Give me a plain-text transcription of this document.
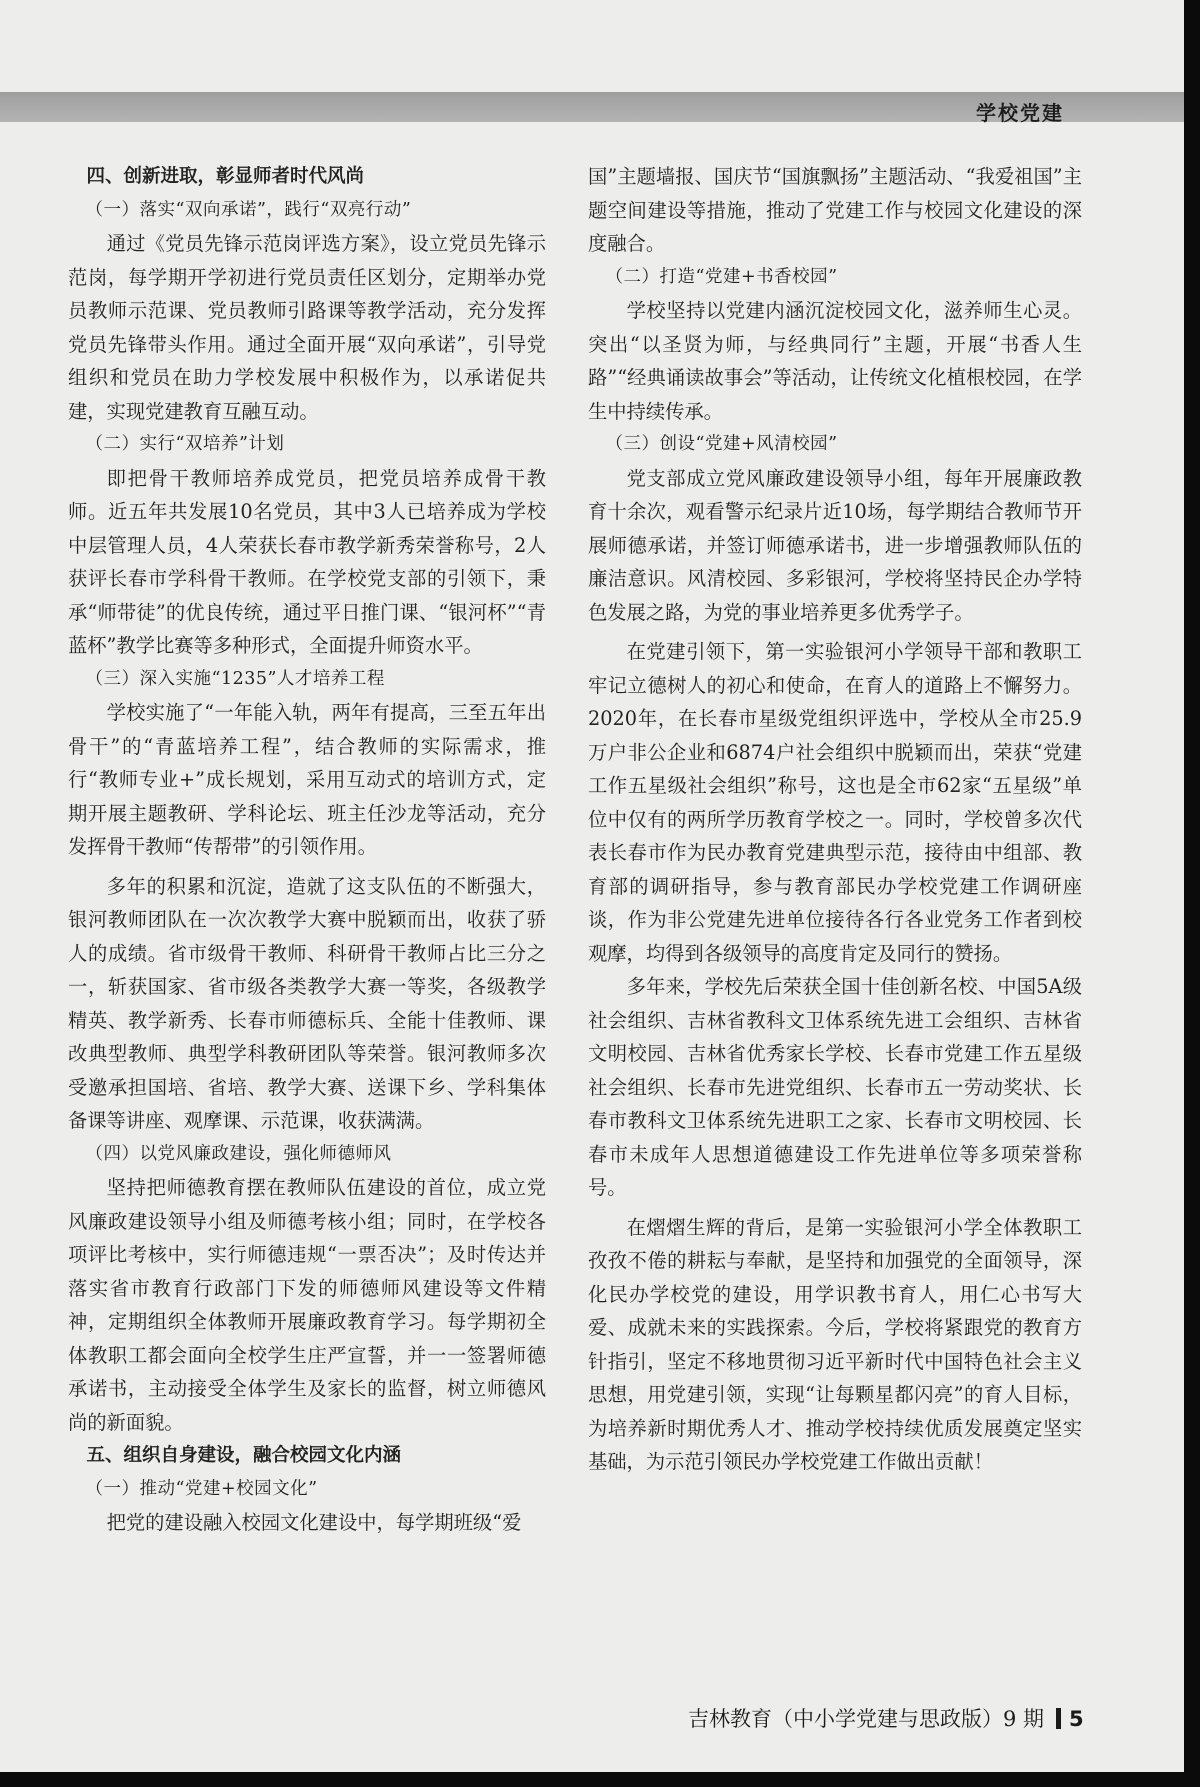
学校党建

四、创新进取，彰显师者时代风尚

（一）落实“双向承诺”，践行“双亮行动”

通过《党员先锋示范岗评选方案》，设立党员先锋示范岗，每学期开学初进行党员责任区划分，定期举办党员教师示范课、党员教师引路课等教学活动，充分发挥党员先锋带头作用。通过全面开展“双向承诺”，引导党组织和党员在助力学校发展中积极作为，以承诺促共建，实现党建教育互融互动。

（二）实行“双培养”计划

即把骨干教师培养成党员，把党员培养成骨干教师。近五年共发展10名党员，其中3人已培养成为学校中层管理人员，4人荣获长春市教学新秀荣誉称号，2人获评长春市学科骨干教师。在学校党支部的引领下，秉承“师带徒”的优良传统，通过平日推门课、“银河杯”“青蓝杯”教学比赛等多种形式，全面提升师资水平。

（三）深入实施“1235”人才培养工程

学校实施了“一年能入轨，两年有提高，三至五年出骨干”的“青蓝培养工程”，结合教师的实际需求，推行“教师专业+”成长规划，采用互动式的培训方式，定期开展主题教研、学科论坛、班主任沙龙等活动，充分发挥骨干教师“传帮带”的引领作用。

多年的积累和沉淀，造就了这支队伍的不断强大，银河教师团队在一次次教学大赛中脱颖而出，收获了骄人的成绩。省市级骨干教师、科研骨干教师占比三分之一，斩获国家、省市级各类教学大赛一等奖，各级教学精英、教学新秀、长春市师德标兵、全能十佳教师、课改典型教师、典型学科教研团队等荣誉。银河教师多次受邀承担国培、省培、教学大赛、送课下乡、学科集体备课等讲座、观摩课、示范课，收获满满。

（四）以党风廉政建设，强化师德师风

坚持把师德教育摆在教师队伍建设的首位，成立党风廉政建设领导小组及师德考核小组；同时，在学校各项评比考核中，实行师德违规“一票否决”；及时传达并落实省市教育行政部门下发的师德师风建设等文件精神，定期组织全体教师开展廉政教育学习。每学期初全体教职工都会面向全校学生庄严宣誓，并一一签署师德承诺书，主动接受全体学生及家长的监督，树立师德风尚的新面貌。

五、组织自身建设，融合校园文化内涵

（一）推动“党建+校园文化”

把党的建设融入校园文化建设中，每学期班级“爱

国”主题墙报、国庆节“国旗飘扬”主题活动、“我爱祖国”主题空间建设等措施，推动了党建工作与校园文化建设的深度融合。

（二）打造“党建+书香校园”

学校坚持以党建内涵沉淀校园文化，滋养师生心灵。突出“以圣贤为师，与经典同行”主题，开展“书香人生路”“经典诵读故事会”等活动，让传统文化植根校园，在学生中持续传承。

（三）创设“党建+风清校园”

党支部成立党风廉政建设领导小组，每年开展廉政教育十余次，观看警示纪录片近10场，每学期结合教师节开展师德承诺，并签订师德承诺书，进一步增强教师队伍的廉洁意识。风清校园、多彩银河，学校将坚持民企办学特色发展之路，为党的事业培养更多优秀学子。

在党建引领下，第一实验银河小学领导干部和教职工牢记立德树人的初心和使命，在育人的道路上不懈努力。2020年，在长春市星级党组织评选中，学校从全市25.9万户非公企业和6874户社会组织中脱颖而出，荣获“党建工作五星级社会组织”称号，这也是全市62家“五星级”单位中仅有的两所学历教育学校之一。同时，学校曾多次代表长春市作为民办教育党建典型示范，接待由中组部、教育部的调研指导，参与教育部民办学校党建工作调研座谈，作为非公党建先进单位接待各行各业党务工作者到校观摩，均得到各级领导的高度肯定及同行的赞扬。

多年来，学校先后荣获全国十佳创新名校、中国5A级社会组织、吉林省教科文卫体系统先进工会组织、吉林省文明校园、吉林省优秀家长学校、长春市党建工作五星级社会组织、长春市先进党组织、长春市五一劳动奖状、长春市教科文卫体系统先进职工之家、长春市文明校园、长春市未成年人思想道德建设工作先进单位等多项荣誉称号。

在熠熠生辉的背后，是第一实验银河小学全体教职工孜孜不倦的耕耘与奉献，是坚持和加强党的全面领导，深化民办学校党的建设，用学识教书育人，用仁心书写大爱、成就未来的实践探索。今后，学校将紧跟党的教育方针指引，坚定不移地贯彻习近平新时代中国特色社会主义思想，用党建引领，实现“让每颗星都闪亮”的育人目标，为培养新时期优秀人才、推动学校持续优质发展奠定坚实基础，为示范引领民办学校党建工作做出贡献！

吉林教育（中小学党建与思政版）9 期 5
